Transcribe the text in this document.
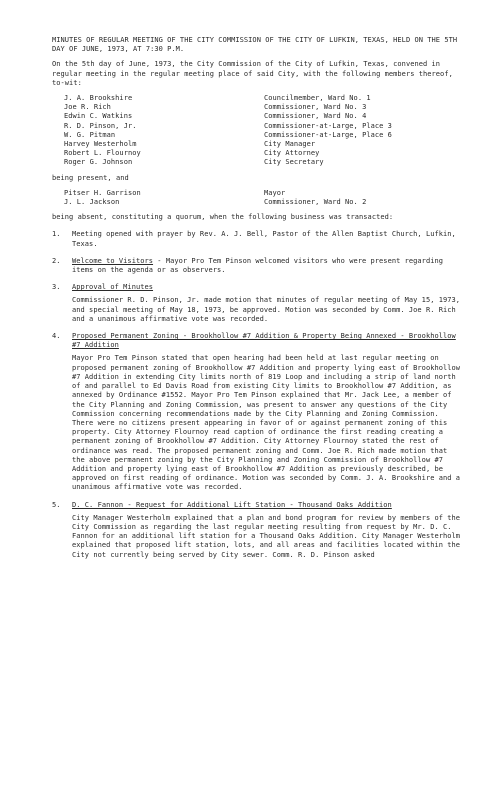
MINUTES OF REGULAR MEETING OF THE CITY COMMISSION OF THE CITY OF LUFKIN, TEXAS, HELD ON THE 5TH DAY OF JUNE, 1973, AT 7:30 P.M.

On the 5th day of June, 1973, the City Commission of the City of Lufkin, Texas, convened in regular meeting in the regular meeting place of said City, with the following members thereof, to-wit:

J. A. Brookshire	Councilmember, Ward No. 1
Joe R. Rich	Commissioner, Ward No. 3
Edwin C. Watkins	Commissioner, Ward No. 4
R. D. Pinson, Jr.	Commissioner-at-Large, Place 3
W. G. Pitman	Commissioner-at-Large, Place 6
Harvey Westerholm	City Manager
Robert L. Flournoy	City Attorney
Roger G. Johnson	City Secretary

being present, and

Pitser H. Garrison	Mayor
J. L. Jackson	Commissioner, Ward No. 2

being absent, constituting a quorum, when the following business was transacted:

1.	Meeting opened with prayer by Rev. A. J. Bell, Pastor of the Allen Baptist Church, Lufkin, Texas.
2.	Welcome to Visitors - Mayor Pro Tem Pinson welcomed visitors who were present regarding items on the agenda or as observers.
3.	Approval of Minutes
Commissioner R. D. Pinson, Jr. made motion that minutes of regular meeting of May 15, 1973, and special meeting of May 18, 1973, be approved. Motion was seconded by Comm. Joe R. Rich and a unanimous affirmative vote was recorded.
4.	Proposed Permanent Zoning - Brookhollow #7 Addition & Property Being Annexed - Brookhollow #7 Addition
Mayor Pro Tem Pinson stated that open hearing had been held at last regular meeting on proposed permanent zoning of Brookhollow #7 Addition and property lying east of Brookhollow #7 Addition in extending City limits north of 819 Loop and including a strip of land north of and parallel to Ed Davis Road from existing City limits to Brookhollow #7 Addition, as annexed by Ordinance #1552. Mayor Pro Tem Pinson explained that Mr. Jack Lee, a member of the City Planning and Zoning Commission, was present to answer any questions of the City Commission concerning recommendations made by the City Planning and Zoning Commission. There were no citizens present appearing in favor of or against permanent zoning of this property. City Attorney Flournoy read caption of ordinance the first reading creating a permanent zoning of Brookhollow #7 Addition. City Attorney Flournoy stated the rest of ordinance was read. The proposed permanent zoning and Comm. Joe R. Rich made motion that the above permanent zoning by the City Planning and Zoning Commission of Brookhollow #7 Addition and property lying east of Brookhollow #7 Addition as previously described, be approved on first reading of ordinance. Motion was seconded by Comm. J. A. Brookshire and a unanimous affirmative vote was recorded.
5.	D. C. Fannon - Request for Additional Lift Station - Thousand Oaks Addition
City Manager Westerholm explained that a plan and bond program for review by members of the City Commission as regarding the last regular meeting resulting from request by Mr. D. C. Fannon for an additional lift station for a Thousand Oaks Addition. City Manager Westerholm explained that proposed lift station, lots, and all areas and facilities located within the City not currently being served by City sewer. Comm. R. D. Pinson asked
